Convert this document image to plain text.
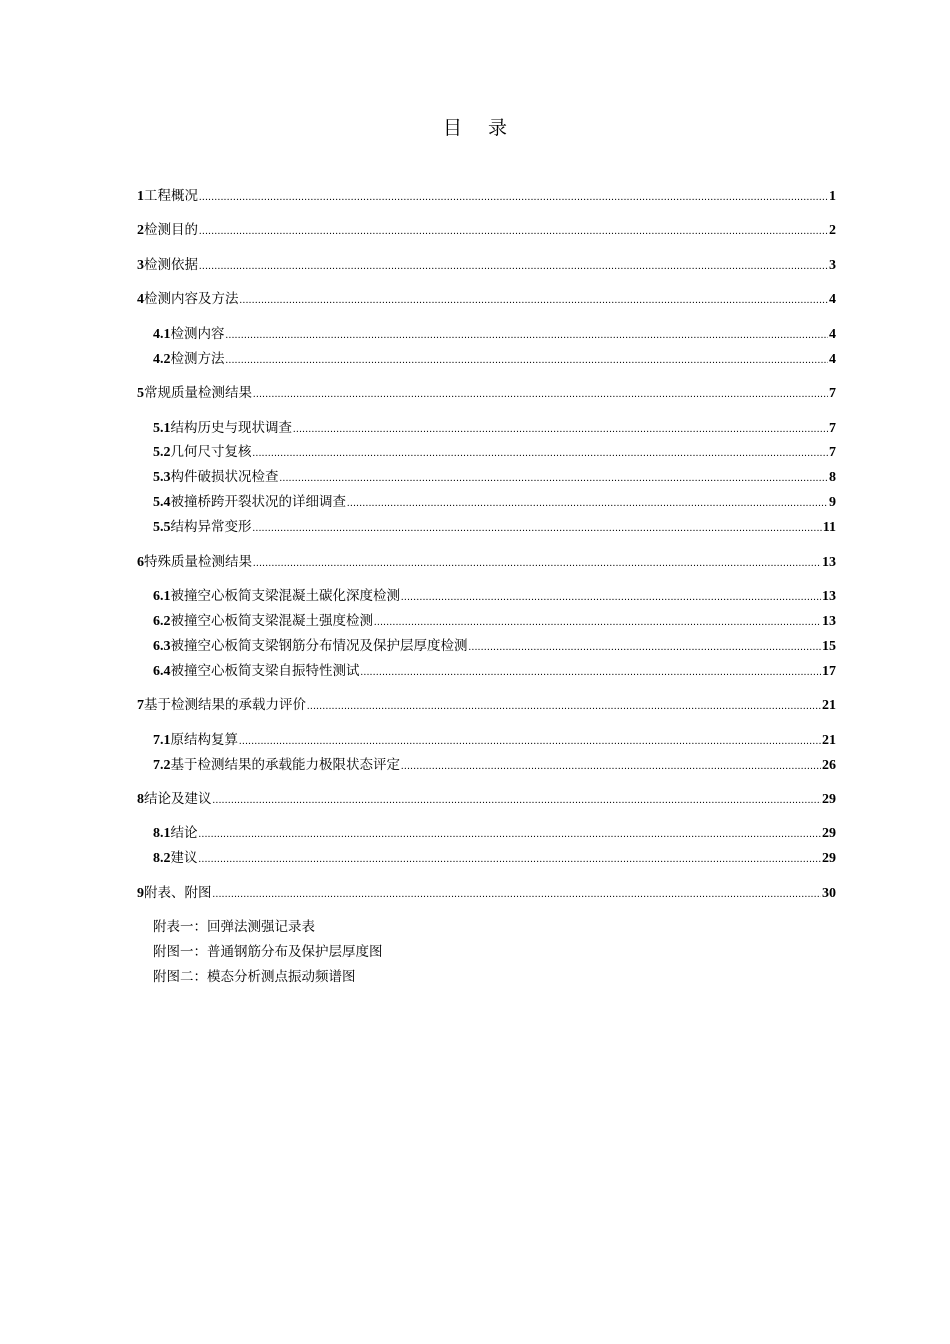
目 录
1 工程概况 .....	1
2 检测目的 .....	2
3 检测依据 .....	3
4 检测内容及方法 .....	4
4.1 检测内容 .....	4
4.2 检测方法 .....	4
5 常规质量检测结果 .....	7
5.1 结构历史与现状调查 .....	7
5.2 几何尺寸复核 .....	7
5.3 构件破损状况检查 .....	8
5.4 被撞桥跨开裂状况的详细调查 .....	9
5.5 结构异常变形 .....	11
6 特殊质量检测结果 .....	13
6.1 被撞空心板简支梁混凝土碳化深度检测 .....	13
6.2 被撞空心板简支梁混凝土强度检测 .....	13
6.3 被撞空心板简支梁钢筋分布情况及保护层厚度检测 .....	15
6.4 被撞空心板简支梁自振特性测试 .....	17
7 基于检测结果的承载力评价 .....	21
7.1 原结构复算 .....	21
7.2 基于检测结果的承载能力极限状态评定 .....	26
8 结论及建议 .....	29
8.1 结论 .....	29
8.2 建议 .....	29
9 附表、附图 .....	30
附表一：回弹法测强记录表
附图一：普通钢筋分布及保护层厚度图
附图二：模态分析测点振动频谱图
